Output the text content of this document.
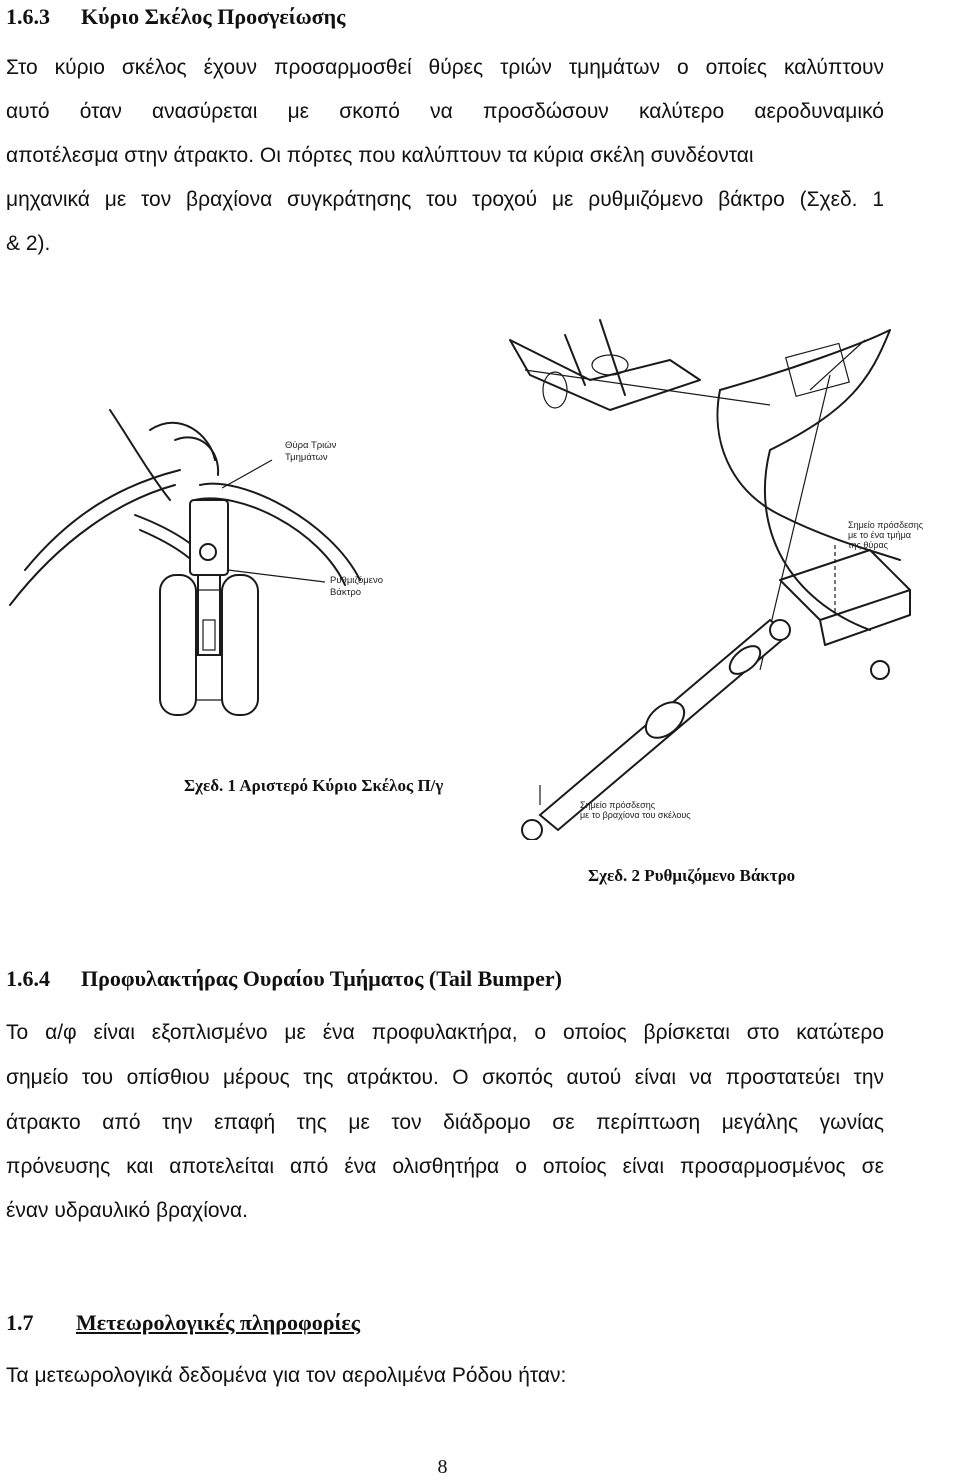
1.6.3 Κύριο Σκέλος Προσγείωσης
Στο κύριο σκέλος έχουν προσαρμοσθεί θύρες τριών τμημάτων ο οποίες καλύπτουν
αυτό όταν ανασύρεται με σκοπό να προσδώσουν καλύτερο αεροδυναμικό
αποτέλεσμα στην άτρακτο. Οι πόρτες που καλύπτουν τα κύρια σκέλη συνδέονται
μηχανικά με τον βραχίονα συγκράτησης του τροχού με ρυθμιζόμενο βάκτρο (Σχεδ. 1
& 2).
Θύρα Τριών
Τμημάτων
Ρυθμιζόμενο
Βάκτρο
Σχεδ. 1 Αριστερό Κύριο Σκέλος Π/γ
Σημείο πρόσδεσης
με το ένα τμήμα
της θύρας
Σημείο πρόσδεσης
με το βραχίονα του σκέλους
Σχεδ. 2 Ρυθμιζόμενο Βάκτρο
1.6.4 Προφυλακτήρας Ουραίου Τμήματος (Tail Bumper)
Το α/φ είναι εξοπλισμένο με ένα προφυλακτήρα, ο οποίος βρίσκεται στο κατώτερο
σημείο του οπίσθιου μέρους της ατράκτου. Ο σκοπός αυτού είναι να προστατεύει την
άτρακτο από την επαφή της με τον διάδρομο σε περίπτωση μεγάλης γωνίας
πρόνευσης και αποτελείται από ένα ολισθητήρα ο οποίος είναι προσαρμοσμένος σε
έναν υδραυλικό βραχίονα.
1.7 Μετεωρολογικές πληροφορίες
Τα μετεωρολογικά δεδομένα για τον αερολιμένα Ρόδου ήταν:
8
